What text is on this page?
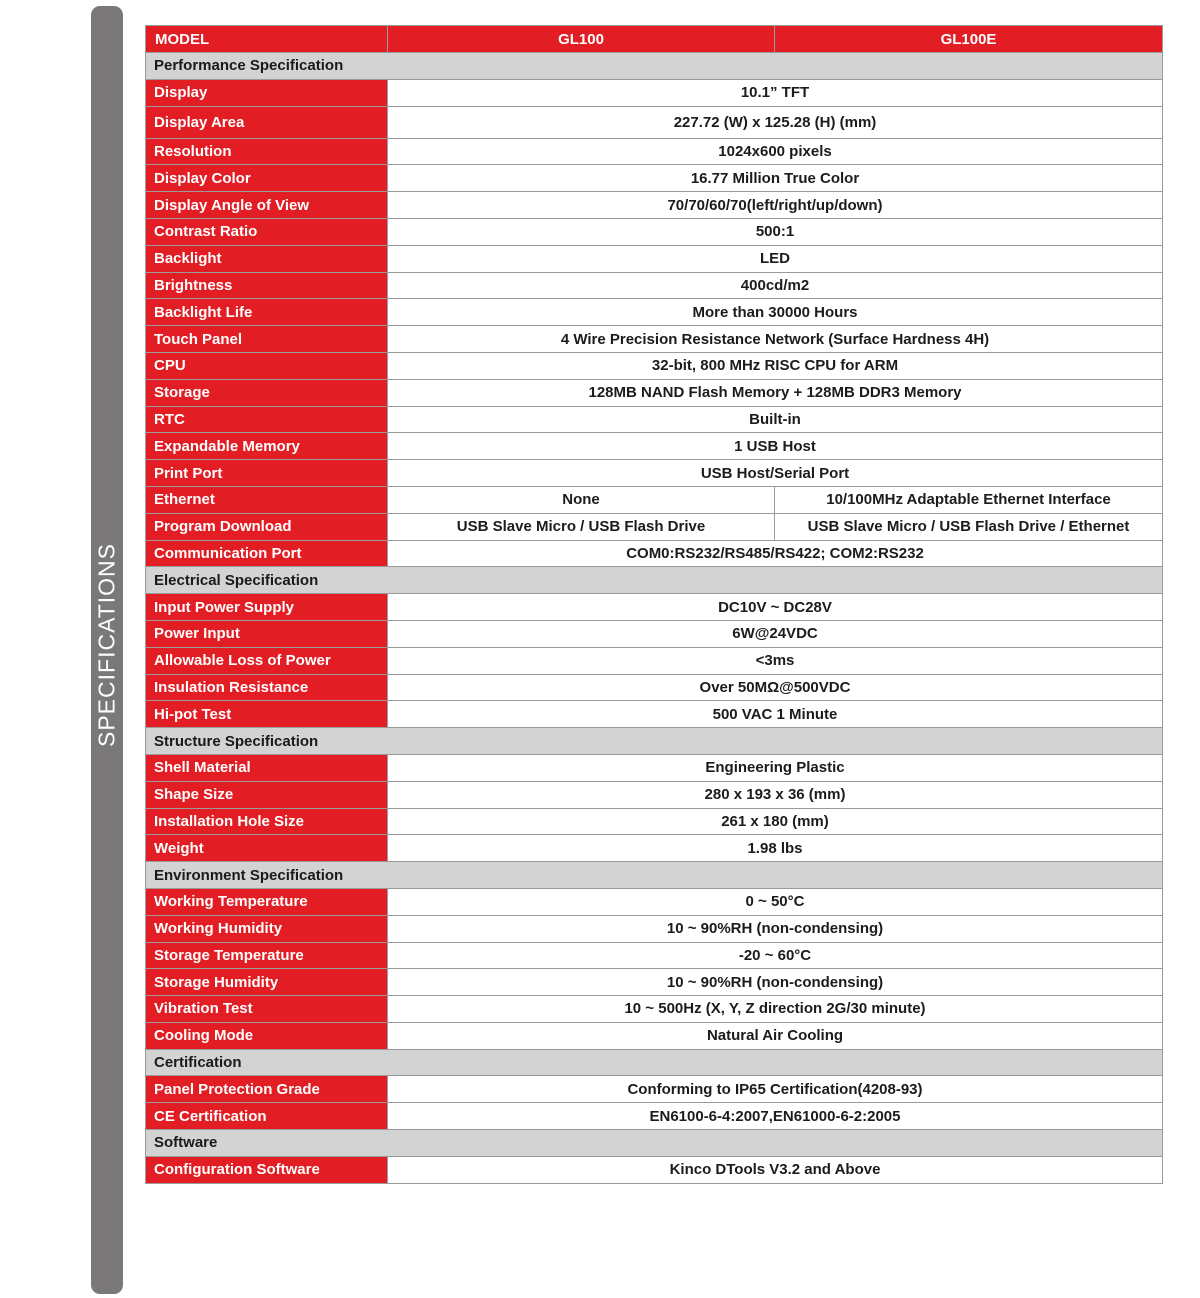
SPECIFICATIONS
MODEL	GL100	GL100E
Performance Specification		
Display	10.1” TFT	
Display Area	227.72 (W) x 125.28 (H) (mm)	
Resolution	1024x600 pixels	
Display Color	16.77 Million True Color	
Display Angle of View	70/70/60/70(left/right/up/down)	
Contrast Ratio	500:1	
Backlight	LED	
Brightness	400cd/m2	
Backlight Life	More than 30000 Hours	
Touch Panel	4 Wire Precision Resistance Network (Surface Hardness 4H)	
CPU	32-bit, 800 MHz RISC CPU for ARM	
Storage	128MB NAND Flash Memory + 128MB DDR3 Memory	
RTC	Built-in	
Expandable Memory	1 USB Host	
Print Port	USB Host/Serial Port	
Ethernet	None	10/100MHz Adaptable Ethernet Interface
Program Download	USB Slave Micro / USB Flash Drive	USB Slave Micro / USB Flash Drive / Ethernet
Communication Port	COM0:RS232/RS485/RS422; COM2:RS232	
Electrical Specification		
Input Power Supply	DC10V ~ DC28V	
Power Input	6W@24VDC	
Allowable Loss of Power	<3ms	
Insulation Resistance	Over 50MΩ@500VDC	
Hi-pot Test	500 VAC 1 Minute	
Structure Specification		
Shell Material	Engineering Plastic	
Shape Size	280 x 193 x 36 (mm)	
Installation Hole Size	261 x 180 (mm)	
Weight	1.98 lbs	
Environment Specification		
Working Temperature	0 ~ 50°C	
Working Humidity	10 ~ 90%RH (non-condensing)	
Storage Temperature	-20 ~ 60°C	
Storage Humidity	10 ~ 90%RH (non-condensing)	
Vibration Test	10 ~ 500Hz (X, Y, Z direction 2G/30 minute)	
Cooling Mode	Natural Air Cooling	
Certification		
Panel Protection Grade	Conforming to IP65 Certification(4208-93)	
CE Certification	EN6100-6-4:2007,EN61000-6-2:2005	
Software		
Configuration Software	Kinco DTools V3.2 and Above	
